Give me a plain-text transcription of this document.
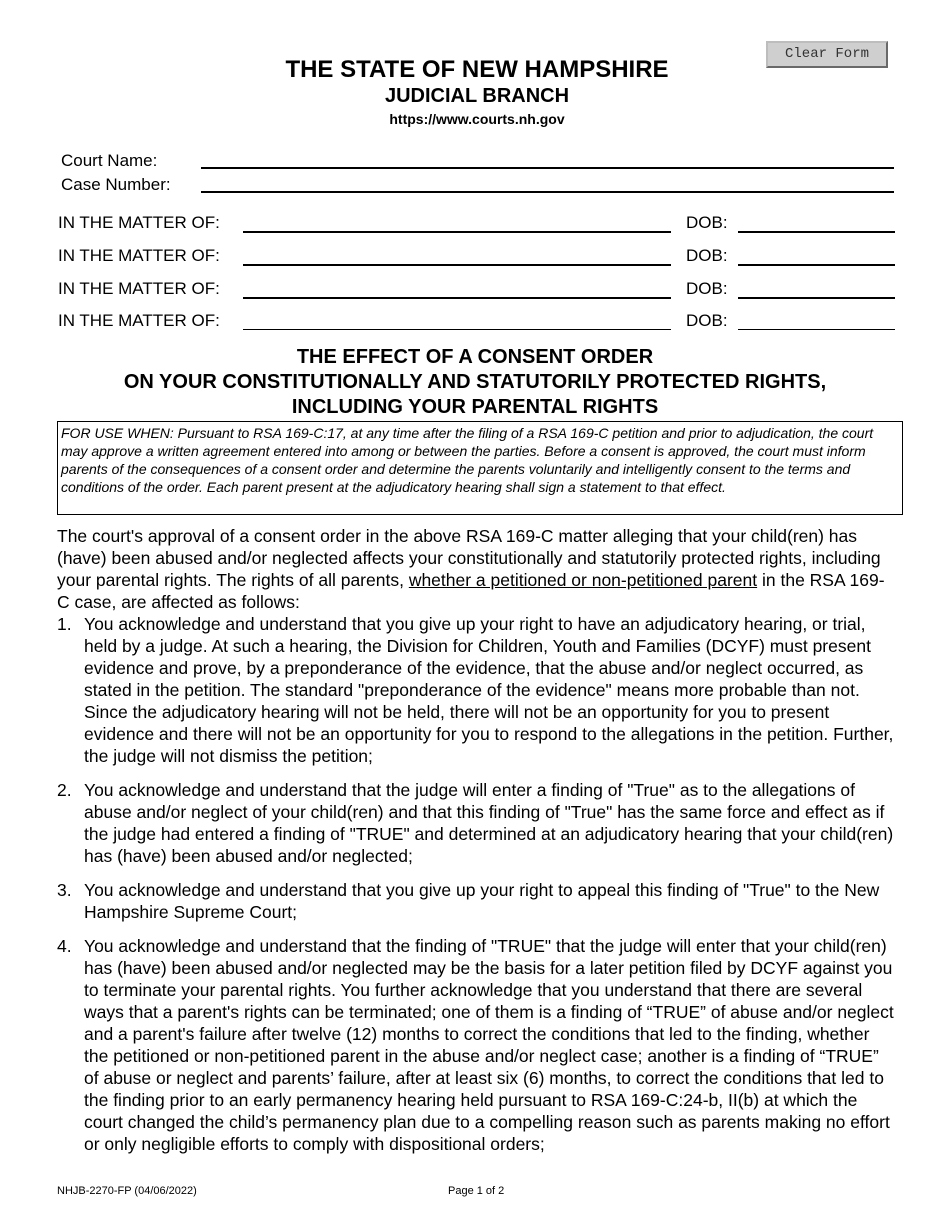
Clear Form
THE STATE OF NEW HAMPSHIRE
JUDICIAL BRANCH
https://www.courts.nh.gov
Court Name:
Case Number:
IN THE MATTER OF:	DOB:
IN THE MATTER OF:	DOB:
IN THE MATTER OF:	DOB:
IN THE MATTER OF:	DOB:
THE EFFECT OF A CONSENT ORDER
ON YOUR CONSTITUTIONALLY AND STATUTORILY PROTECTED RIGHTS,
INCLUDING YOUR PARENTAL RIGHTS
FOR USE WHEN: Pursuant to RSA 169-C:17, at any time after the filing of a RSA 169-C petition and prior to adjudication, the court may approve a written agreement entered into among or between the parties. Before a consent is approved, the court must inform parents of the consequences of a consent order and determine the parents voluntarily and intelligently consent to the terms and conditions of the order. Each parent present at the adjudicatory hearing shall sign a statement to that effect.

The court's approval of a consent order in the above RSA 169-C matter alleging that your child(ren) has (have) been abused and/or neglected affects your constitutionally and statutorily protected rights, including your parental rights. The rights of all parents, whether a petitioned or non-petitioned parent in the RSA 169-C case, are affected as follows:

1. You acknowledge and understand that you give up your right to have an adjudicatory hearing, or trial, held by a judge. At such a hearing, the Division for Children, Youth and Families (DCYF) must present evidence and prove, by a preponderance of the evidence, that the abuse and/or neglect occurred, as stated in the petition. The standard "preponderance of the evidence" means more probable than not. Since the adjudicatory hearing will not be held, there will not be an opportunity for you to present evidence and there will not be an opportunity for you to respond to the allegations in the petition. Further, the judge will not dismiss the petition;
2. You acknowledge and understand that the judge will enter a finding of "True" as to the allegations of abuse and/or neglect of your child(ren) and that this finding of "True" has the same force and effect as if the judge had entered a finding of "TRUE" and determined at an adjudicatory hearing that your child(ren) has (have) been abused and/or neglected;
3. You acknowledge and understand that you give up your right to appeal this finding of "True" to the New Hampshire Supreme Court;
4. You acknowledge and understand that the finding of "TRUE" that the judge will enter that your child(ren) has (have) been abused and/or neglected may be the basis for a later petition filed by DCYF against you to terminate your parental rights. You further acknowledge that you understand that there are several ways that a parent's rights can be terminated; one of them is a finding of “TRUE” of abuse and/or neglect and a parent's failure after twelve (12) months to correct the conditions that led to the finding, whether the petitioned or non-petitioned parent in the abuse and/or neglect case; another is a finding of “TRUE” of abuse or neglect and parents’ failure, after at least six (6) months, to correct the conditions that led to the finding prior to an early permanency hearing held pursuant to RSA 169-C:24-b, II(b) at which the court changed the child’s permanency plan due to a compelling reason such as parents making no effort or only negligible efforts to comply with dispositional orders;
NHJB-2270-FP (04/06/2022)	Page 1 of 2
